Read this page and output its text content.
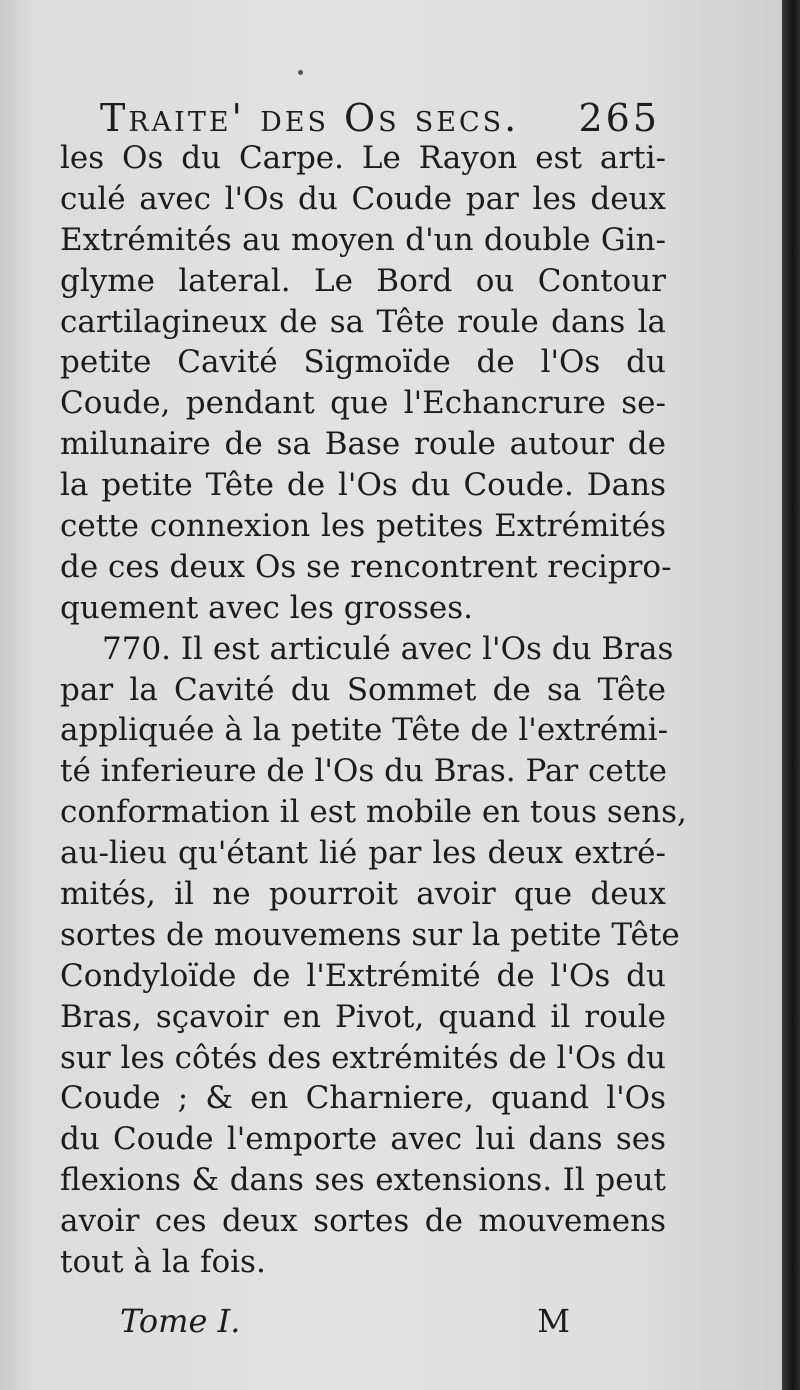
Traite' des Os secs. 265
les Os du Carpe. Le Rayon est arti-
culé avec l'Os du Coude par les deux
Extrémités au moyen d'un double Gin-
glyme lateral. Le Bord ou Contour
cartilagineux de sa Tête roule dans la
petite Cavité Sigmoïde de l'Os du
Coude, pendant que l'Echancrure se-
milunaire de sa Base roule autour de
la petite Tête de l'Os du Coude. Dans
cette connexion les petites Extrémités
de ces deux Os se rencontrent recipro-
quement avec les grosses.
770. Il est articulé avec l'Os du Bras
par la Cavité du Sommet de sa Tête
appliquée à la petite Tête de l'extrémi-
té inferieure de l'Os du Bras. Par cette
conformation il est mobile en tous sens,
au-lieu qu'étant lié par les deux extré-
mités, il ne pourroit avoir que deux
sortes de mouvemens sur la petite Tête
Condyloïde de l'Extrémité de l'Os du
Bras, sçavoir en Pivot, quand il roule
sur les côtés des extrémités de l'Os du
Coude ; & en Charniere, quand l'Os
du Coude l'emporte avec lui dans ses
flexions & dans ses extensions. Il peut
avoir ces deux sortes de mouvemens
tout à la fois.
Tome I.	M
